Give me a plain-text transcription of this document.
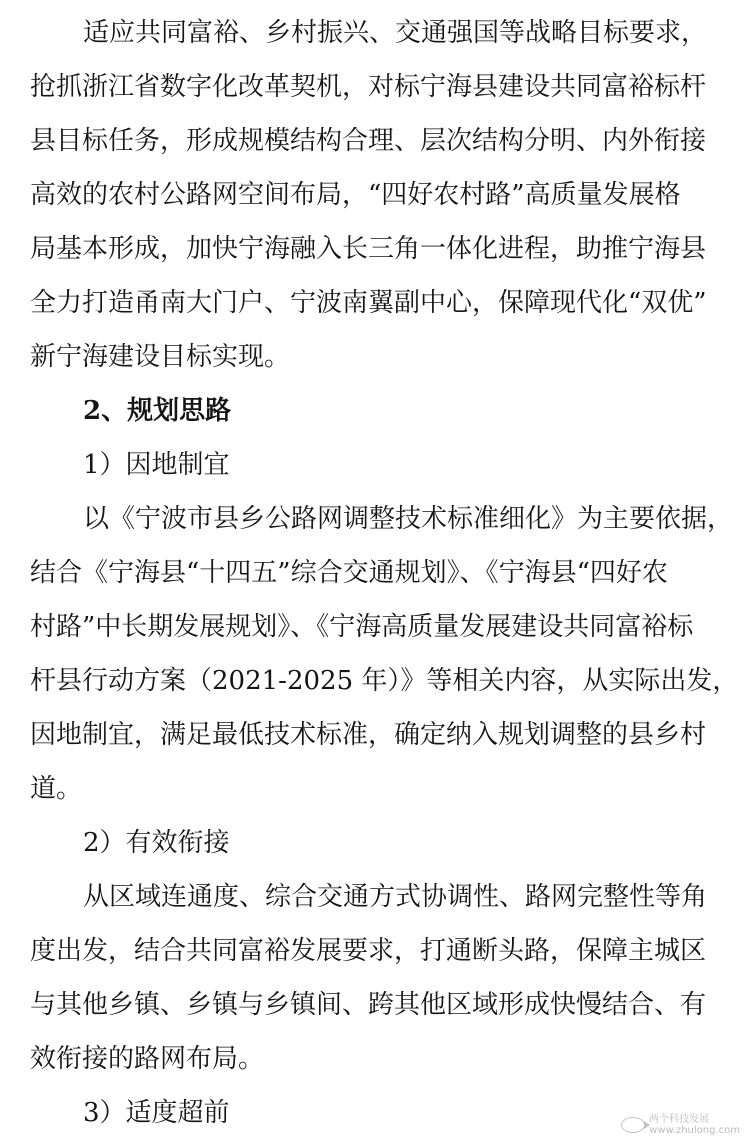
适应共同富裕、乡村振兴、交通强国等战略目标要求，
抢抓浙江省数字化改革契机，对标宁海县建设共同富裕标杆
县目标任务，形成规模结构合理、层次结构分明、内外衔接
高效的农村公路网空间布局，“四好农村路”高质量发展格
局基本形成，加快宁海融入长三角一体化进程，助推宁海县
全力打造甬南大门户、宁波南翼副中心，保障现代化“双优”
新宁海建设目标实现。
2、规划思路
1）因地制宜
以《宁波市县乡公路网调整技术标准细化》为主要依据，
结合《宁海县“十四五”综合交通规划》、《宁海县“四好农
村路”中长期发展规划》、《宁海高质量发展建设共同富裕标
杆县行动方案（2021-2025 年）》等相关内容，从实际出发，
因地制宜，满足最低技术标准，确定纳入规划调整的县乡村
道。
2）有效衔接
从区域连通度、综合交通方式协调性、路网完整性等角
度出发，结合共同富裕发展要求，打通断头路，保障主城区
与其他乡镇、乡镇与乡镇间、跨其他区域形成快慢结合、有
效衔接的路网布局。
3）适度超前	两个科技发展
www.zhulong.com
